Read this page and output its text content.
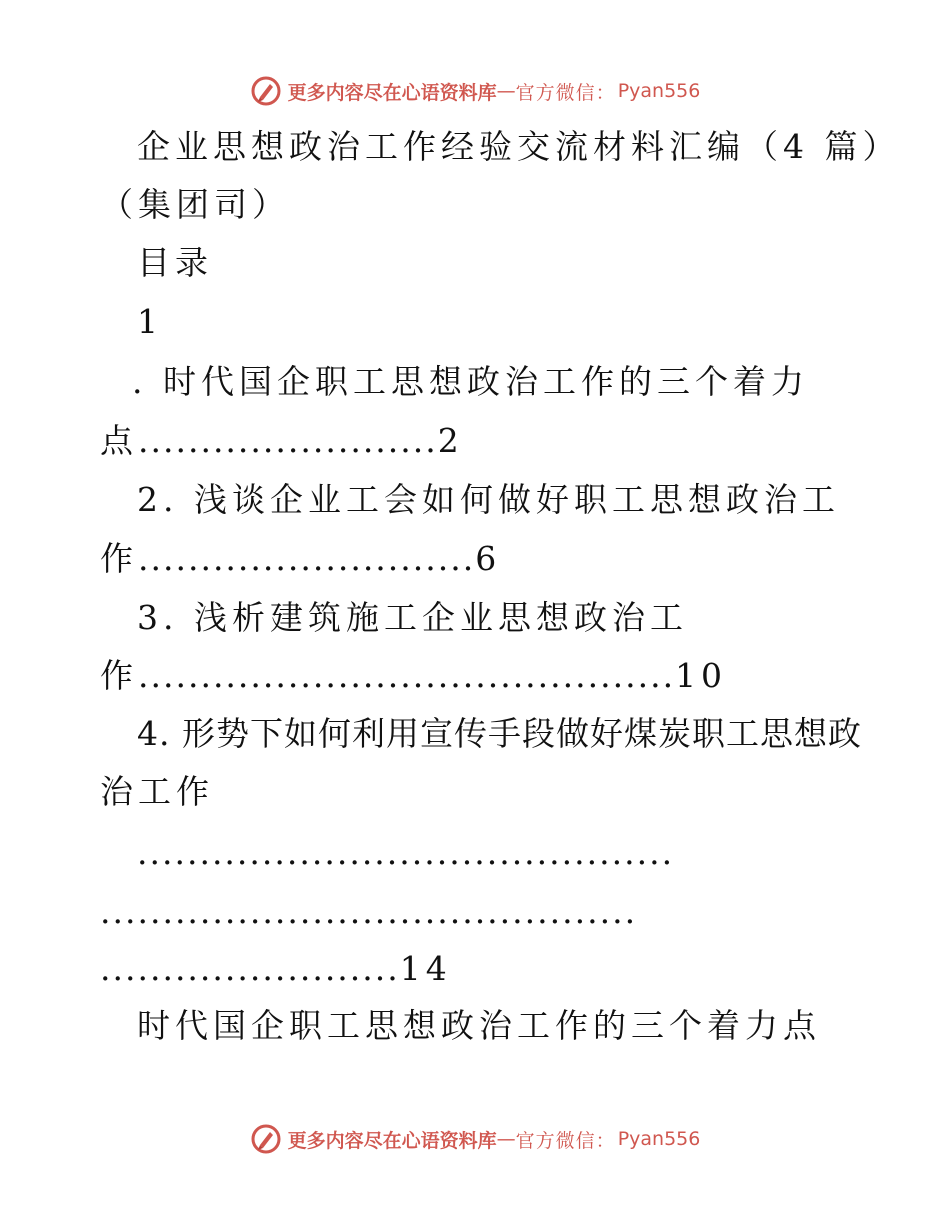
更多内容尽在心语资料库 — 官方微信： Pyan556
企业思想政治工作经验交流材料汇编（4 篇）
（集团司）
目录
1
. 时代国企职工思想政治工作的三个着力
点........................2
2. 浅谈企业工会如何做好职工思想政治工
作...........................6
3. 浅析建筑施工企业思想政治工
作...........................................10
4. 形势下如何利用宣传手段做好煤炭职工思想政
治工作
...........................................
...........................................
........................14
时代国企职工思想政治工作的三个着力点
更多内容尽在心语资料库 — 官方微信： Pyan556
